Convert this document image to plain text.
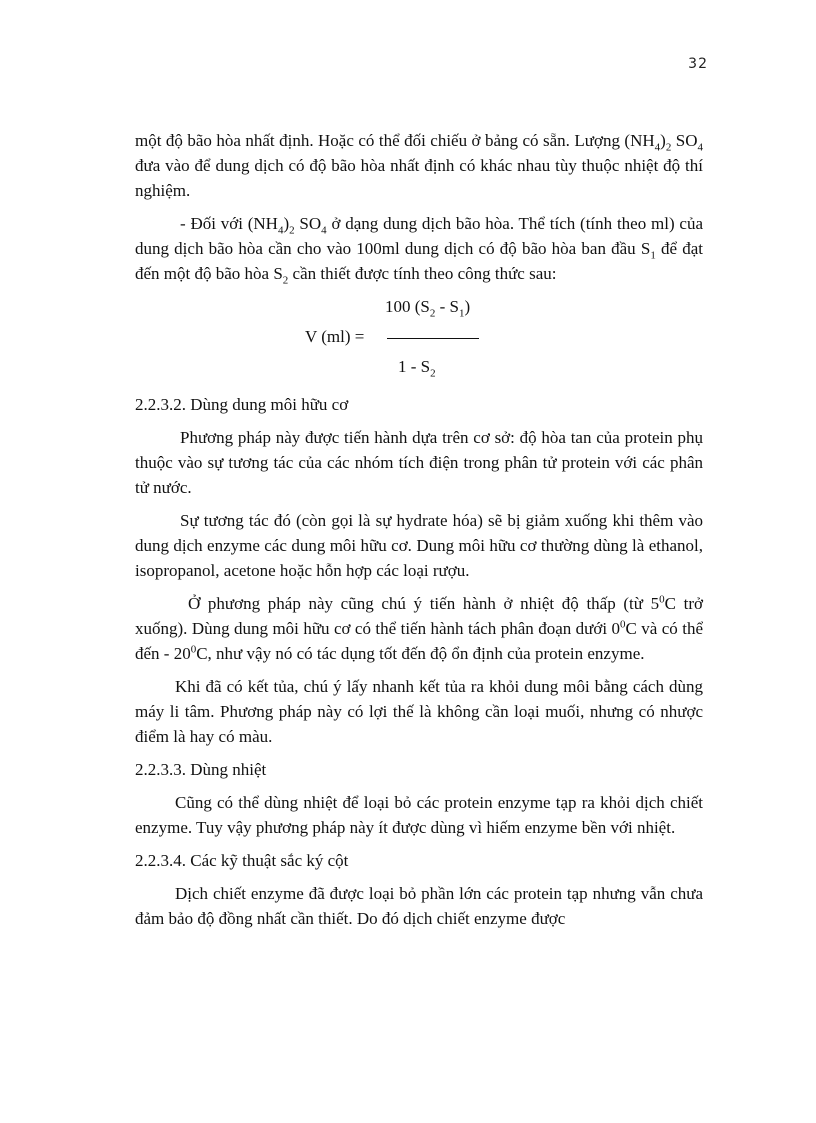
32

một độ bão hòa nhất định. Hoặc có thể đối chiếu ở bảng có sẵn. Lượng $(NH_4)_2$ $SO_4$ đưa vào để dung dịch có độ bão hòa nhất định có khác nhau tùy thuộc nhiệt độ thí nghiệm.

- Đối với $(NH_4)_2$ $SO_4$ ở dạng dung dịch bão hòa. Thể tích (tính theo ml) của dung dịch bão hòa cần cho vào 100ml dung dịch có độ bão hòa ban đầu $S_1$ để đạt đến một độ bão hòa $S_2$ cần thiết được tính theo công thức sau:

100 $(S_2 - S_1)$
V (ml) =
$1 - S_2$

2.2.3.2. Dùng dung môi hữu cơ

Phương pháp này được tiến hành dựa trên cơ sở: độ hòa tan của protein phụ thuộc vào sự tương tác của các nhóm tích điện trong phân tử protein với các phân tử nước.

Sự tương tác đó (còn gọi là sự hydrate hóa) sẽ bị giảm xuống khi thêm vào dung dịch enzyme các dung môi hữu cơ. Dung môi hữu cơ thường dùng là ethanol, isopropanol, acetone hoặc hỗn hợp các loại rượu.

Ở phương pháp này cũng chú ý tiến hành ở nhiệt độ thấp (từ $5^0C$ trở xuống). Dùng dung môi hữu cơ có thể tiến hành tách phân đoạn dưới $0^0C$ và có thể đến - $20^0C$, như vậy nó có tác dụng tốt đến độ ổn định của protein enzyme.

Khi đã có kết tủa, chú ý lấy nhanh kết tủa ra khỏi dung môi bằng cách dùng máy li tâm. Phương pháp này có lợi thế là không cần loại muối, nhưng có nhược điểm là hay có màu.

2.2.3.3. Dùng nhiệt

Cũng có thể dùng nhiệt để loại bỏ các protein enzyme tạp ra khỏi dịch chiết enzyme. Tuy vậy phương pháp này ít được dùng vì hiếm enzyme bền với nhiệt.

2.2.3.4. Các kỹ thuật sắc ký cột

Dịch chiết enzyme đã được loại bỏ phần lớn các protein tạp nhưng vẫn chưa đảm bảo độ đồng nhất cần thiết. Do đó dịch chiết enzyme được
